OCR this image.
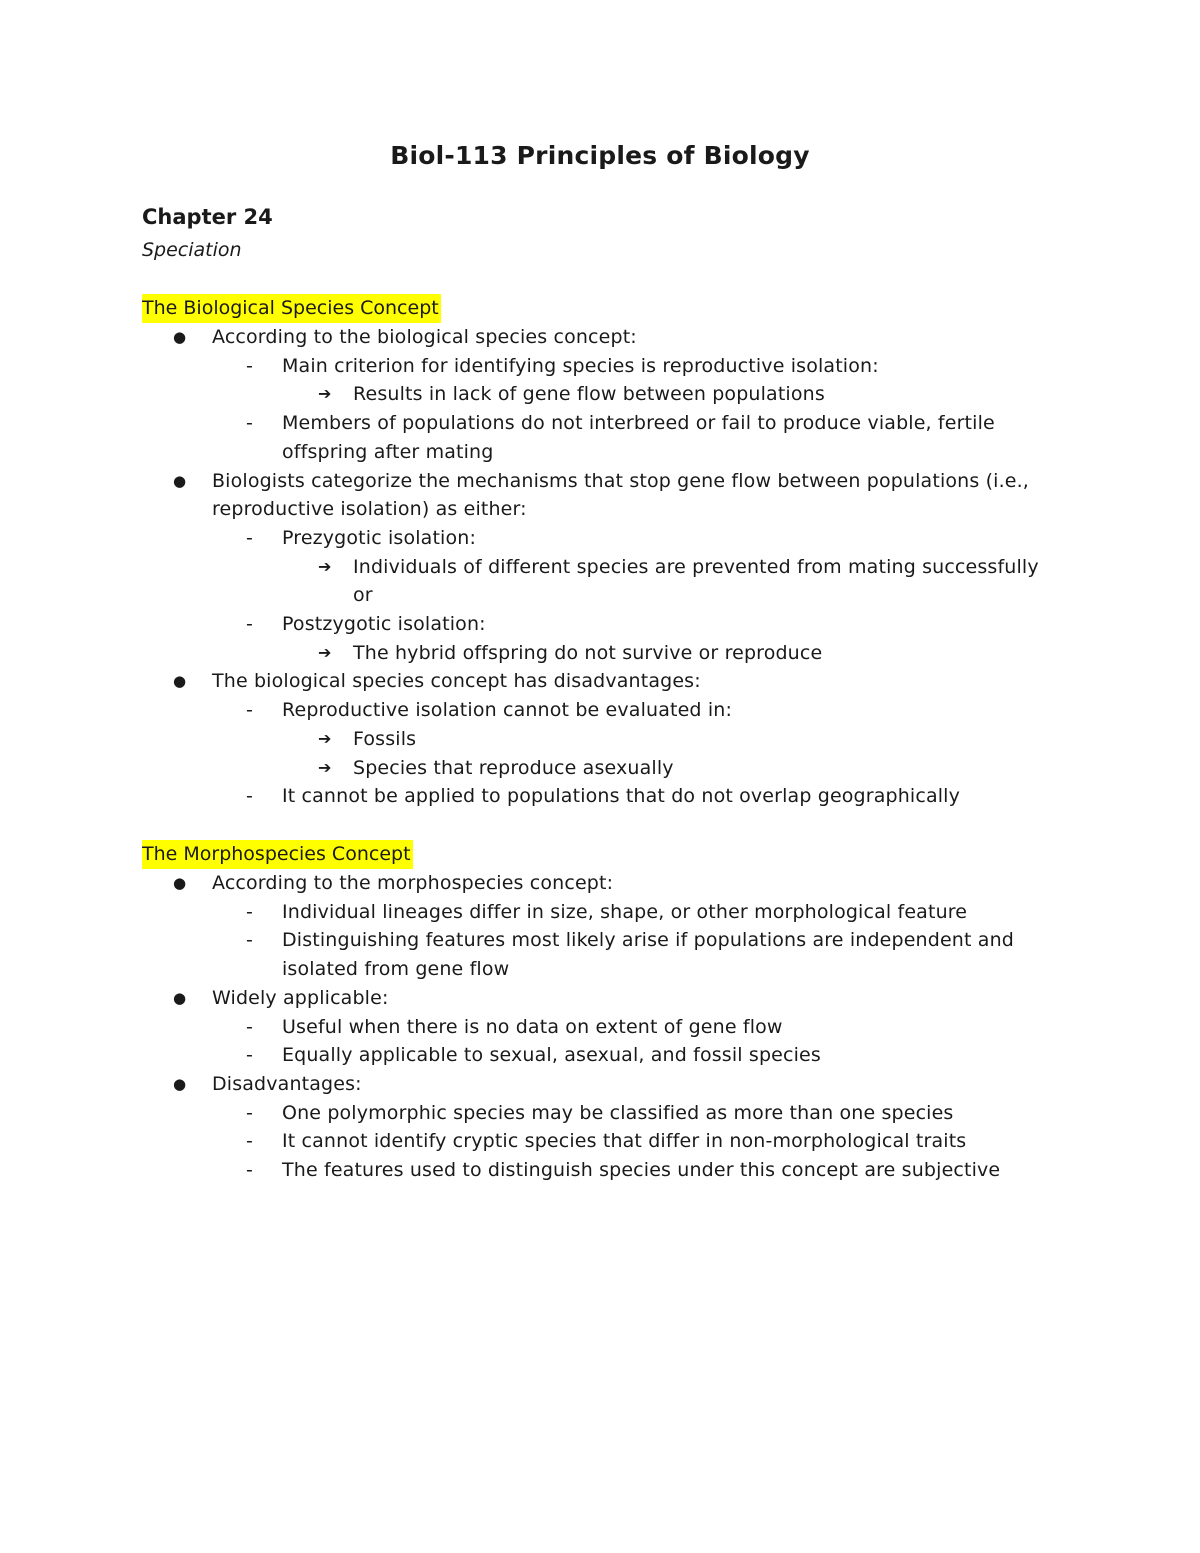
Biol-113 Principles of Biology
Chapter 24
Speciation
The Biological Species Concept
● According to the biological species concept:
- Main criterion for identifying species is reproductive isolation:
➔ Results in lack of gene flow between populations
- Members of populations do not interbreed or fail to produce viable, fertile offspring after mating
● Biologists categorize the mechanisms that stop gene flow between populations (i.e., reproductive isolation) as either:
- Prezygotic isolation:
➔ Individuals of different species are prevented from mating successfully or
- Postzygotic isolation:
➔ The hybrid offspring do not survive or reproduce
● The biological species concept has disadvantages:
- Reproductive isolation cannot be evaluated in:
➔ Fossils
➔ Species that reproduce asexually
- It cannot be applied to populations that do not overlap geographically
The Morphospecies Concept
● According to the morphospecies concept:
- Individual lineages differ in size, shape, or other morphological feature
- Distinguishing features most likely arise if populations are independent and isolated from gene flow
● Widely applicable:
- Useful when there is no data on extent of gene flow
- Equally applicable to sexual, asexual, and fossil species
● Disadvantages:
- One polymorphic species may be classified as more than one species
- It cannot identify cryptic species that differ in non-morphological traits
- The features used to distinguish species under this concept are subjective
